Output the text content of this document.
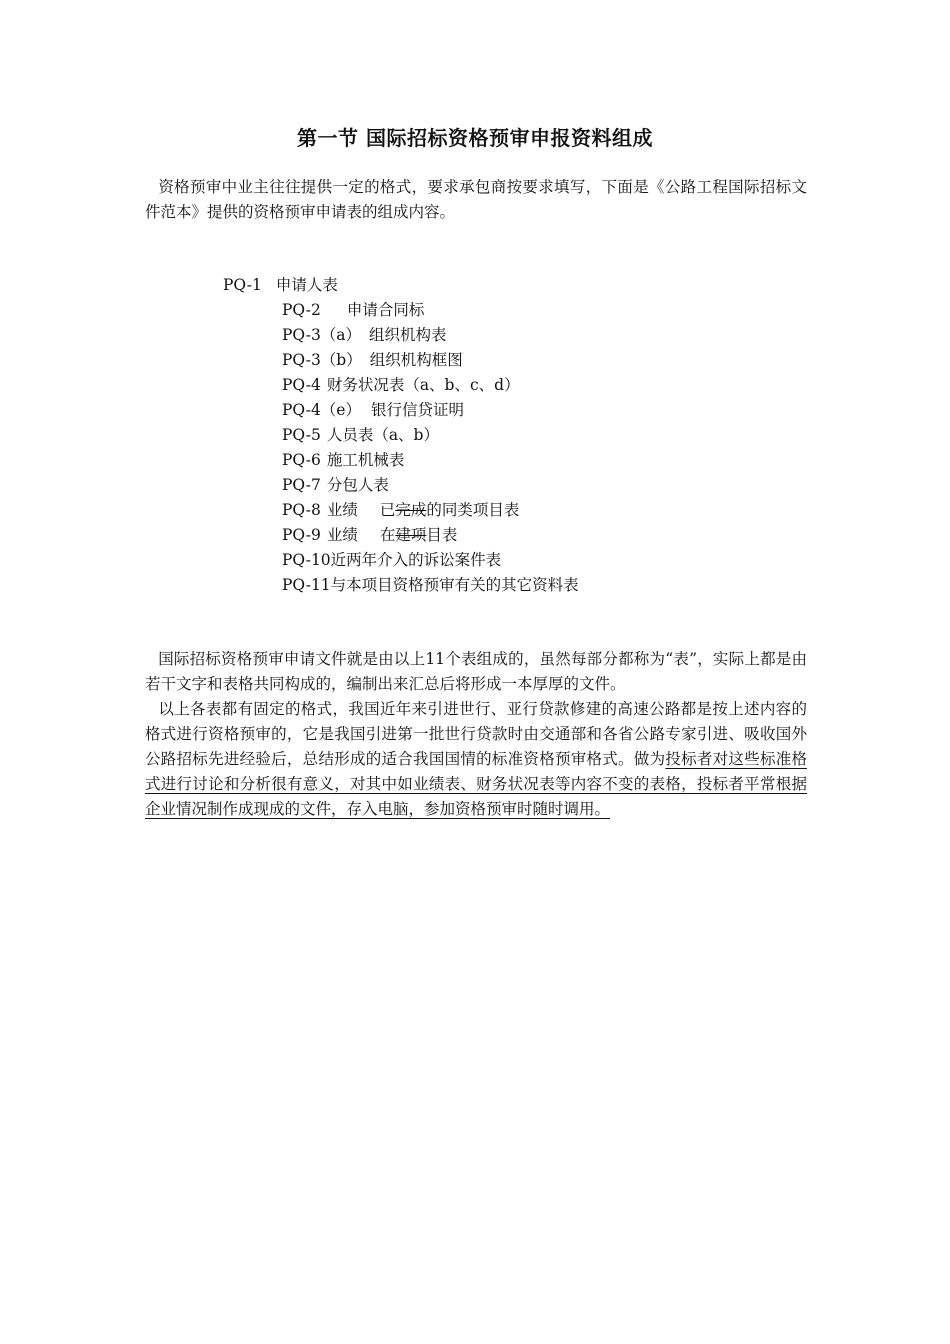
第一节 国际招标资格预审申报资料组成
资格预审中业主往往提供一定的格式，要求承包商按要求填写，下面是《公路工程国际招标文件范本》提供的资格预审申请表的组成内容。
PQ-1 申请人表
PQ-2 申请合同标
PQ-3（a） 组织机构表
PQ-3（b） 组织机构框图
PQ-4 财务状况表（a、b、c、d）
PQ-4（e） 银行信贷证明
PQ-5 人员表（a、b）
PQ-6 施工机械表
PQ-7 分包人表
PQ-8 业绩 已完成的同类项目表
PQ-9 业绩 在建项目表
PQ-10近两年介入的诉讼案件表
PQ-11与本项目资格预审有关的其它资料表
国际招标资格预审申请文件就是由以上11个表组成的，虽然每部分都称为“表”，实际上都是由若干文字和表格共同构成的，编制出来汇总后将形成一本厚厚的文件。
以上各表都有固定的格式，我国近年来引进世行、亚行贷款修建的高速公路都是按上述内容的格式进行资格预审的，它是我国引进第一批世行贷款时由交通部和各省公路专家引进、吸收国外公路招标先进经验后，总结形成的适合我国国情的标准资格预审格式。做为投标者对这些标准格式进行讨论和分析很有意义，对其中如业绩表、财务状况表等内容不变的表格，投标者平常根据企业情况制作成现成的文件，存入电脑，参加资格预审时随时调用。
